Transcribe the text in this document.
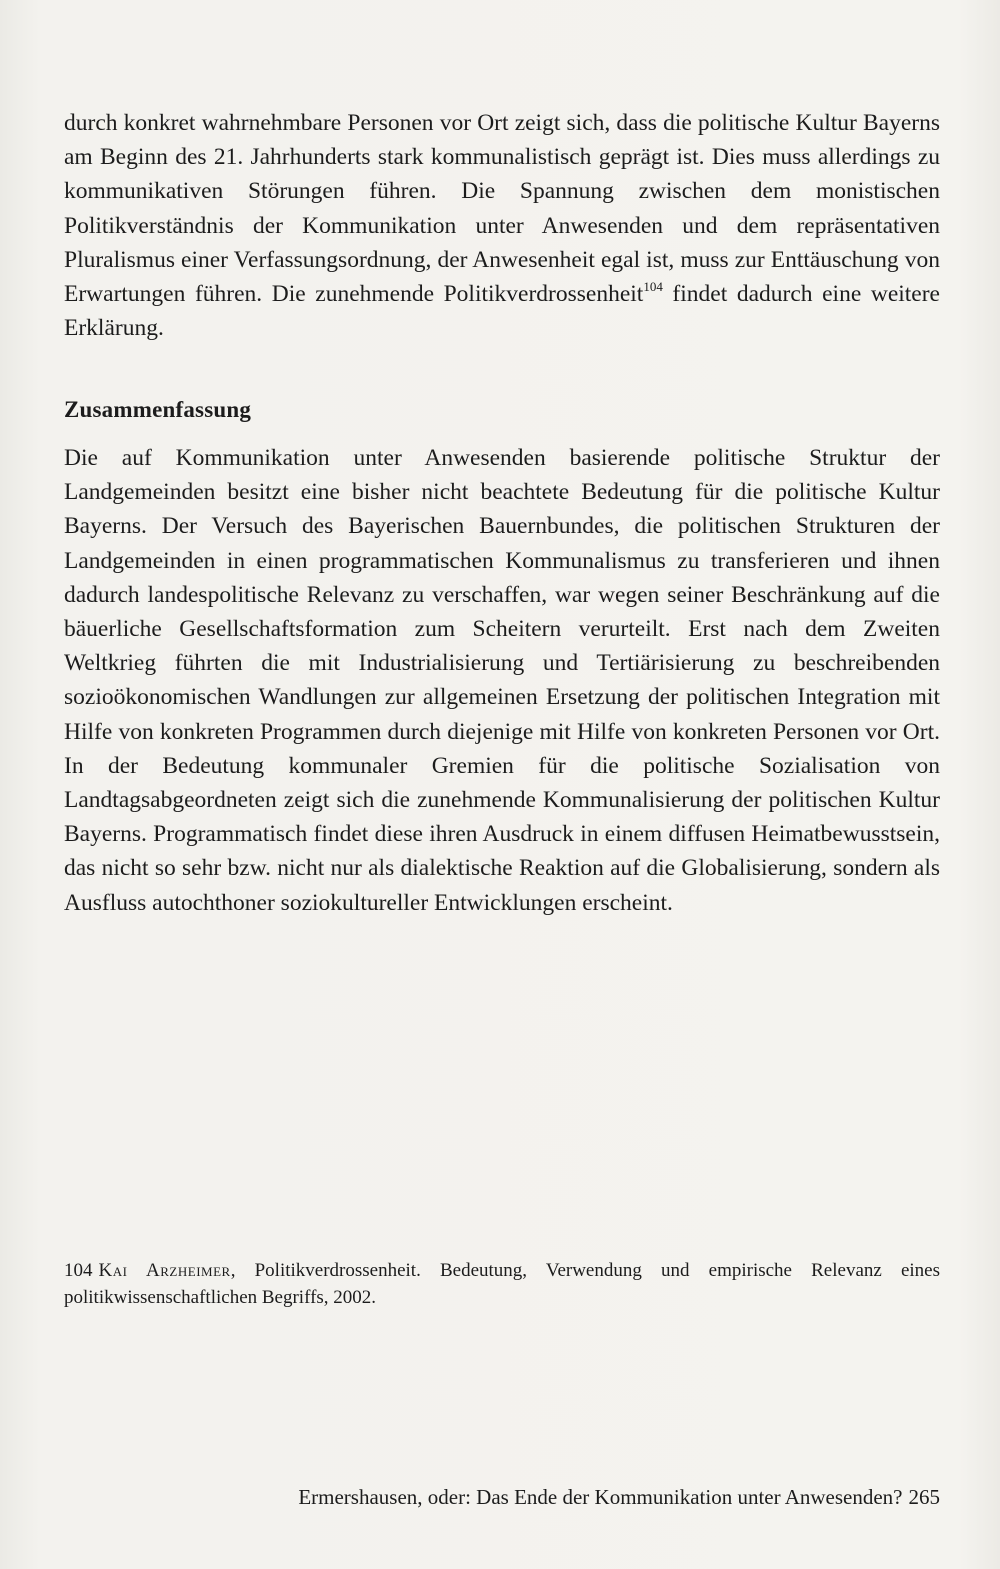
durch konkret wahrnehmbare Personen vor Ort zeigt sich, dass die politische Kultur Bayerns am Beginn des 21. Jahrhunderts stark kommunalistisch geprägt ist. Dies muss allerdings zu kommunikativen Störungen führen. Die Spannung zwischen dem monistischen Politikverständnis der Kommunikation unter Anwesenden und dem repräsentativen Pluralismus einer Verfassungsordnung, der Anwesenheit egal ist, muss zur Enttäuschung von Erwartungen führen. Die zunehmende Politikverdrossenheit$^{104}$ findet dadurch eine weitere Erklärung.

Zusammenfassung

Die auf Kommunikation unter Anwesenden basierende politische Struktur der Landgemeinden besitzt eine bisher nicht beachtete Bedeutung für die politische Kultur Bayerns. Der Versuch des Bayerischen Bauernbundes, die politischen Strukturen der Landgemeinden in einen programmatischen Kommunalismus zu transferieren und ihnen dadurch landespolitische Relevanz zu verschaffen, war wegen seiner Beschränkung auf die bäuerliche Gesellschaftsformation zum Scheitern verurteilt. Erst nach dem Zweiten Weltkrieg führten die mit Industrialisierung und Tertiärisierung zu beschreibenden sozioökonomischen Wandlungen zur allgemeinen Ersetzung der politischen Integration mit Hilfe von konkreten Programmen durch diejenige mit Hilfe von konkreten Personen vor Ort. In der Bedeutung kommunaler Gremien für die politische Sozialisation von Landtagsabgeordneten zeigt sich die zunehmende Kommunalisierung der politischen Kultur Bayerns. Programmatisch findet diese ihren Ausdruck in einem diffusen Heimatbewusstsein, das nicht so sehr bzw. nicht nur als dialektische Reaktion auf die Globalisierung, sondern als Ausfluss autochthoner soziokultureller Entwicklungen erscheint.

104 Kai Arzheimer, Politikverdrossenheit. Bedeutung, Verwendung und empirische Relevanz eines politikwissenschaftlichen Begriffs, 2002.

Ermershausen, oder: Das Ende der Kommunikation unter Anwesenden? 265
